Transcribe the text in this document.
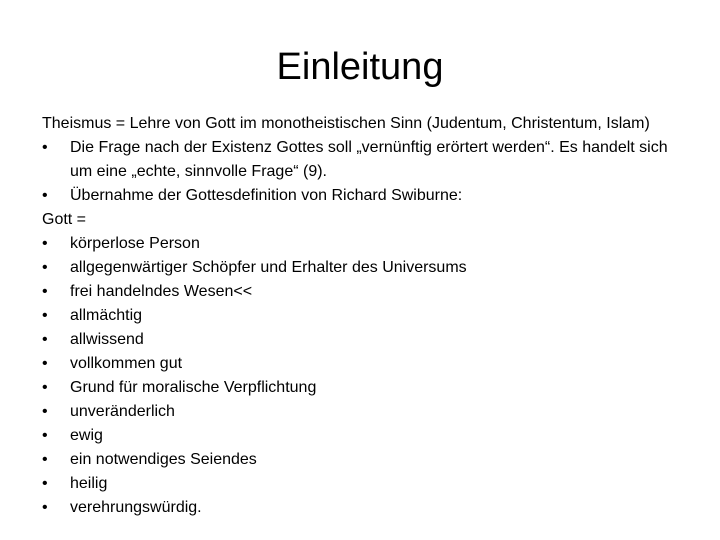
Einleitung
Theismus = Lehre von Gott im monotheistischen Sinn (Judentum, Christentum, Islam)
•	Die Frage nach der Existenz Gottes soll „vernünftig erörtert werden“. Es handelt sich um eine „echte, sinnvolle Frage“ (9).
•	Übernahme der Gottesdefinition von Richard Swiburne:
Gott =
•	körperlose Person
•	allgegenwärtiger Schöpfer und Erhalter des Universums
•	frei handelndes Wesen<<
•	allmächtig
•	allwissend
•	vollkommen gut
•	Grund für moralische Verpflichtung
•	unveränderlich
•	ewig
•	ein notwendiges Seiendes
•	heilig
•	verehrungswürdig.
